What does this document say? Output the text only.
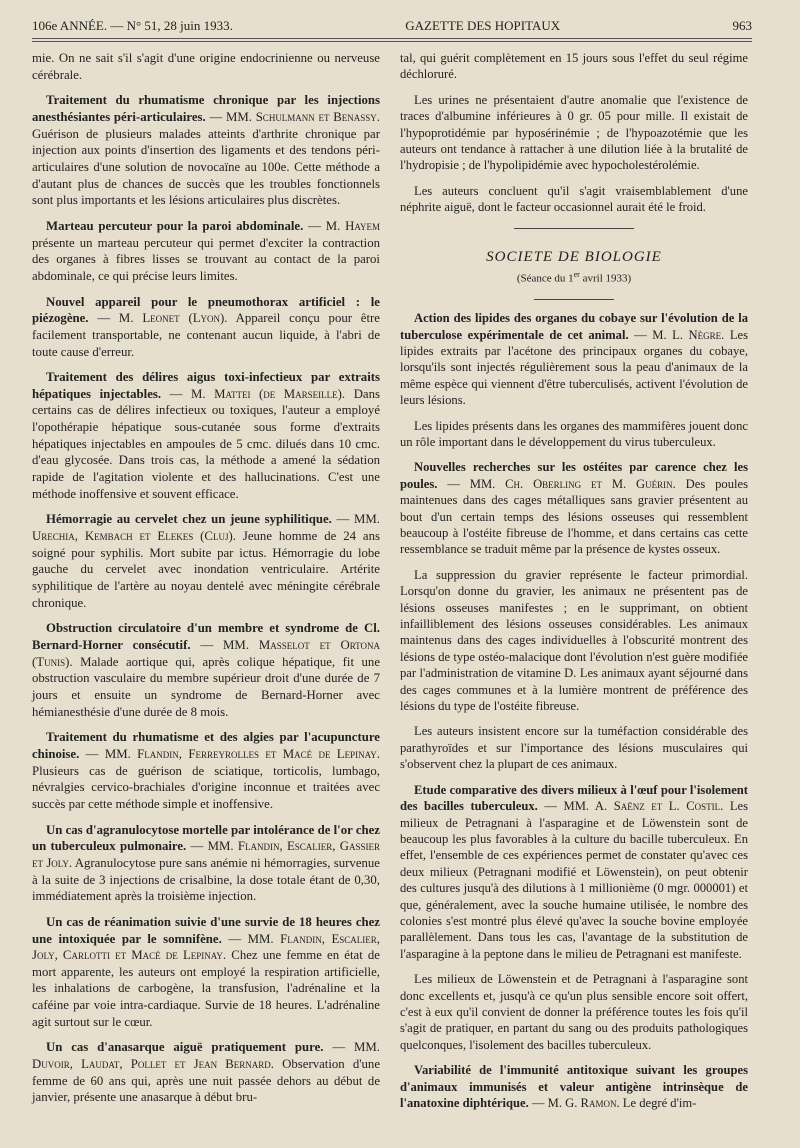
106e ANNÉE. — N° 51, 28 juin 1933.	GAZETTE DES HOPITAUX	963

mie. On ne sait s'il s'agit d'une origine endocrinienne ou nerveuse cérébrale.

Traitement du rhumatisme chronique par les injections anesthésiantes péri-articulaires. — MM. Schulmann et Benassy. Guérison de plusieurs malades atteints d'arthrite chronique par injection aux points d'insertion des ligaments et des tendons péri-articulaires d'une solution de novocaïne au 100e. Cette méthode a d'autant plus de chances de succès que les troubles fonctionnels sont plus importants et les lésions articulaires plus discrètes.

Marteau percuteur pour la paroi abdominale. — M. Hayem présente un marteau percuteur qui permet d'exciter la contraction des organes à fibres lisses se trouvant au contact de la paroi abdominale, ce qui précise leurs limites.

Nouvel appareil pour le pneumothorax artificiel : le piézogène. — M. Leonet (Lyon). Appareil conçu pour être facilement transportable, ne contenant aucun liquide, à l'abri de toute cause d'erreur.

Traitement des délires aigus toxi-infectieux par extraits hépatiques injectables. — M. Mattei (de Marseille). Dans certains cas de délires infectieux ou toxiques, l'auteur a employé l'opothérapie hépatique sous-cutanée sous forme d'extraits hépatiques injectables en ampoules de 5 cmc. dilués dans 10 cmc. d'eau glycosée. Dans trois cas, la méthode a amené la sédation rapide de l'agitation violente et des hallucinations. C'est une méthode inoffensive et souvent efficace.

Hémorragie au cervelet chez un jeune syphilitique. — MM. Urechia, Kembach et Elekes (Cluj). Jeune homme de 24 ans soigné pour syphilis. Mort subite par ictus. Hémorragie du lobe gauche du cervelet avec inondation ventriculaire. Artérite syphilitique de l'artère au noyau dentelé avec méningite cérébrale chronique.

Obstruction circulatoire d'un membre et syndrome de Cl. Bernard-Horner consécutif. — MM. Masselot et Ortona (Tunis). Malade aortique qui, après colique hépatique, fit une obstruction vasculaire du membre supérieur droit d'une durée de 7 jours et ensuite un syndrome de Bernard-Horner avec hémianesthésie d'une durée de 8 mois.

Traitement du rhumatisme et des algies par l'acupuncture chinoise. — MM. Flandin, Ferreyrolles et Macé de Lepinay. Plusieurs cas de guérison de sciatique, torticolis, lumbago, névralgies cervico-brachiales d'origine inconnue et traitées avec succès par cette méthode simple et inoffensive.

Un cas d'agranulocytose mortelle par intolérance de l'or chez un tuberculeux pulmonaire. — MM. Flandin, Escalier, Gassier et Joly. Agranulocytose pure sans anémie ni hémorragies, survenue à la suite de 3 injections de crisalbine, la dose totale étant de 0,30, immédiatement après la troisième injection.

Un cas de réanimation suivie d'une survie de 18 heures chez une intoxiquée par le somnifène. — MM. Flandin, Escalier, Joly, Carlotti et Macé de Lepinay. Chez une femme en état de mort apparente, les auteurs ont employé la respiration artificielle, les inhalations de carbogène, la transfusion, l'adrénaline et la caféine par voie intra-cardiaque. Survie de 18 heures. L'adrénaline agit surtout sur le cœur.

Un cas d'anasarque aiguë pratiquement pure. — MM. Duvoir, Laudat, Pollet et Jean Bernard. Observation d'une femme de 60 ans qui, après une nuit passée dehors au début de janvier, présente une anasarque à début bru-

tal, qui guérit complètement en 15 jours sous l'effet du seul régime déchloruré.

Les urines ne présentaient d'autre anomalie que l'existence de traces d'albumine inférieures à 0 gr. 05 pour mille. Il existait de l'hypoprotidémie par hyposérinémie ; de l'hypoazotémie que les auteurs ont tendance à rattacher à une dilution liée à la brutalité de l'hydropisie ; de l'hypolipidémie avec hypocholestérolémie.

Les auteurs concluent qu'il s'agit vraisemblablement d'une néphrite aiguë, dont le facteur occasionnel aurait été le froid.

SOCIETE DE BIOLOGIE
(Séance du 1er avril 1933)

Action des lipides des organes du cobaye sur l'évolution de la tuberculose expérimentale de cet animal. — M. L. Nègre. Les lipides extraits par l'acétone des principaux organes du cobaye, lorsqu'ils sont injectés régulièrement sous la peau d'animaux de la même espèce qui viennent d'être tuberculisés, activent l'évolution de leurs lésions.

Les lipides présents dans les organes des mammifères jouent donc un rôle important dans le développement du virus tuberculeux.

Nouvelles recherches sur les ostéites par carence chez les poules. — MM. Ch. Oberling et M. Guérin. Des poules maintenues dans des cages métalliques sans gravier présentent au bout d'un certain temps des lésions osseuses qui ressemblent beaucoup à l'ostéite fibreuse de l'homme, et dans certains cas cette ressemblance se traduit même par la présence de kystes osseux.

La suppression du gravier représente le facteur primordial. Lorsqu'on donne du gravier, les animaux ne présentent pas de lésions osseuses manifestes ; en le supprimant, on obtient infailliblement des lésions osseuses considérables. Les animaux maintenus dans des cages individuelles à l'obscurité montrent des lésions de type ostéo-malacique dont l'évolution n'est guère modifiée par l'administration de vitamine D. Les animaux ayant séjourné dans des cages communes et à la lumière montrent de préférence des lésions du type de l'ostéite fibreuse.

Les auteurs insistent encore sur la tuméfaction considérable des parathyroïdes et sur l'importance des lésions musculaires qui s'observent chez la plupart de ces animaux.

Etude comparative des divers milieux à l'œuf pour l'isolement des bacilles tuberculeux. — MM. A. Saënz et L. Costil. Les milieux de Petragnani à l'asparagine et de Löwenstein sont de beaucoup les plus favorables à la culture du bacille tuberculeux. En effet, l'ensemble de ces expériences permet de constater qu'avec ces deux milieux (Petragnani modifié et Löwenstein), on peut obtenir des cultures jusqu'à des dilutions à 1 millionième (0 mgr. 000001) et que, généralement, avec la souche humaine utilisée, le nombre des colonies s'est montré plus élevé qu'avec la souche bovine employée parallèlement. Dans tous les cas, l'avantage de la substitution de l'asparagine à la peptone dans le milieu de Petragnani est manifeste.

Les milieux de Löwenstein et de Petragnani à l'asparagine sont donc excellents et, jusqu'à ce qu'un plus sensible encore soit offert, c'est à eux qu'il convient de donner la préférence toutes les fois qu'il s'agit de pratiquer, en partant du sang ou des produits pathologiques quelconques, l'isolement des bacilles tuberculeux.

Variabilité de l'immunité antitoxique suivant les groupes d'animaux immunisés et valeur antigène intrinsèque de l'anatoxine diphtérique. — M. G. Ramon. Le degré d'im-
